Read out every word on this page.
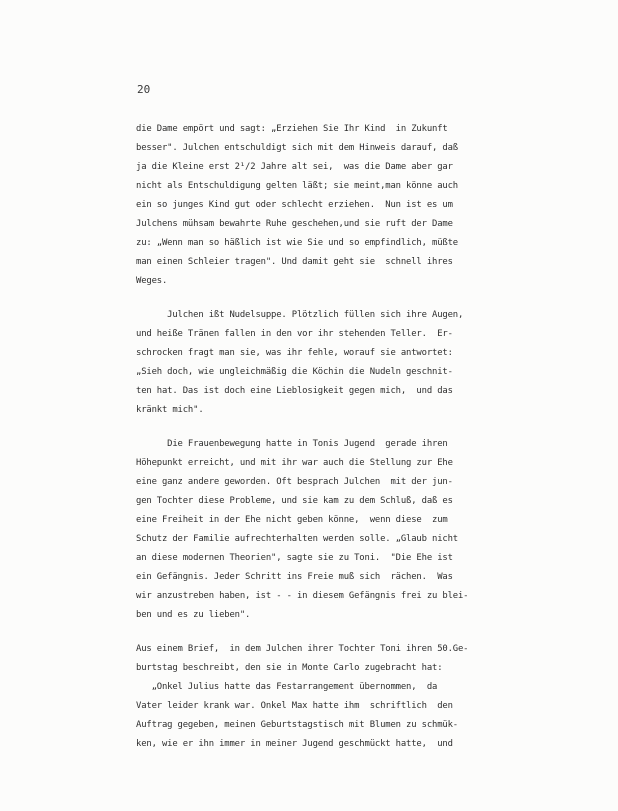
20
die Dame empört und sagt: „Erziehen Sie Ihr Kind  in Zukunft
besser". Julchen entschuldigt sich mit dem Hinweis darauf, daß
ja die Kleine erst 2¹/2 Jahre alt sei,  was die Dame aber gar
nicht als Entschuldigung gelten läßt; sie meint,man könne auch
ein so junges Kind gut oder schlecht erziehen.  Nun ist es um
Julchens mühsam bewahrte Ruhe geschehen,und sie ruft der Dame
zu: „Wenn man so häßlich ist wie Sie und so empfindlich, müßte
man einen Schleier tragen". Und damit geht sie  schnell ihres
Weges.
Julchen ißt Nudelsuppe. Plötzlich füllen sich ihre Augen,
und heiße Tränen fallen in den vor ihr stehenden Teller.  Er-
schrocken fragt man sie, was ihr fehle, worauf sie antwortet:
„Sieh doch, wie ungleichmäßig die Köchin die Nudeln geschnit-
ten hat. Das ist doch eine Lieblosigkeit gegen mich,  und das
kränkt mich".
Die Frauenbewegung hatte in Tonis Jugend  gerade ihren
Höhepunkt erreicht, und mit ihr war auch die Stellung zur Ehe
eine ganz andere geworden. Oft besprach Julchen  mit der jun-
gen Tochter diese Probleme, und sie kam zu dem Schluß, daß es
eine Freiheit in der Ehe nicht geben könne,  wenn diese  zum
Schutz der Familie aufrechterhalten werden solle. „Glaub nicht
an diese modernen Theorien", sagte sie zu Toni.  "Die Ehe ist
ein Gefängnis. Jeder Schritt ins Freie muß sich  rächen.  Was
wir anzustreben haben, ist - - in diesem Gefängnis frei zu blei-
ben und es zu lieben".
Aus einem Brief,  in dem Julchen ihrer Tochter Toni ihren 50.Ge-
burtstag beschreibt, den sie in Monte Carlo zugebracht hat:
„Onkel Julius hatte das Festarrangement übernommen,  da
Vater leider krank war. Onkel Max hatte ihm  schriftlich  den
Auftrag gegeben, meinen Geburtstagstisch mit Blumen zu schmük-
ken, wie er ihn immer in meiner Jugend geschmückt hatte,  und
